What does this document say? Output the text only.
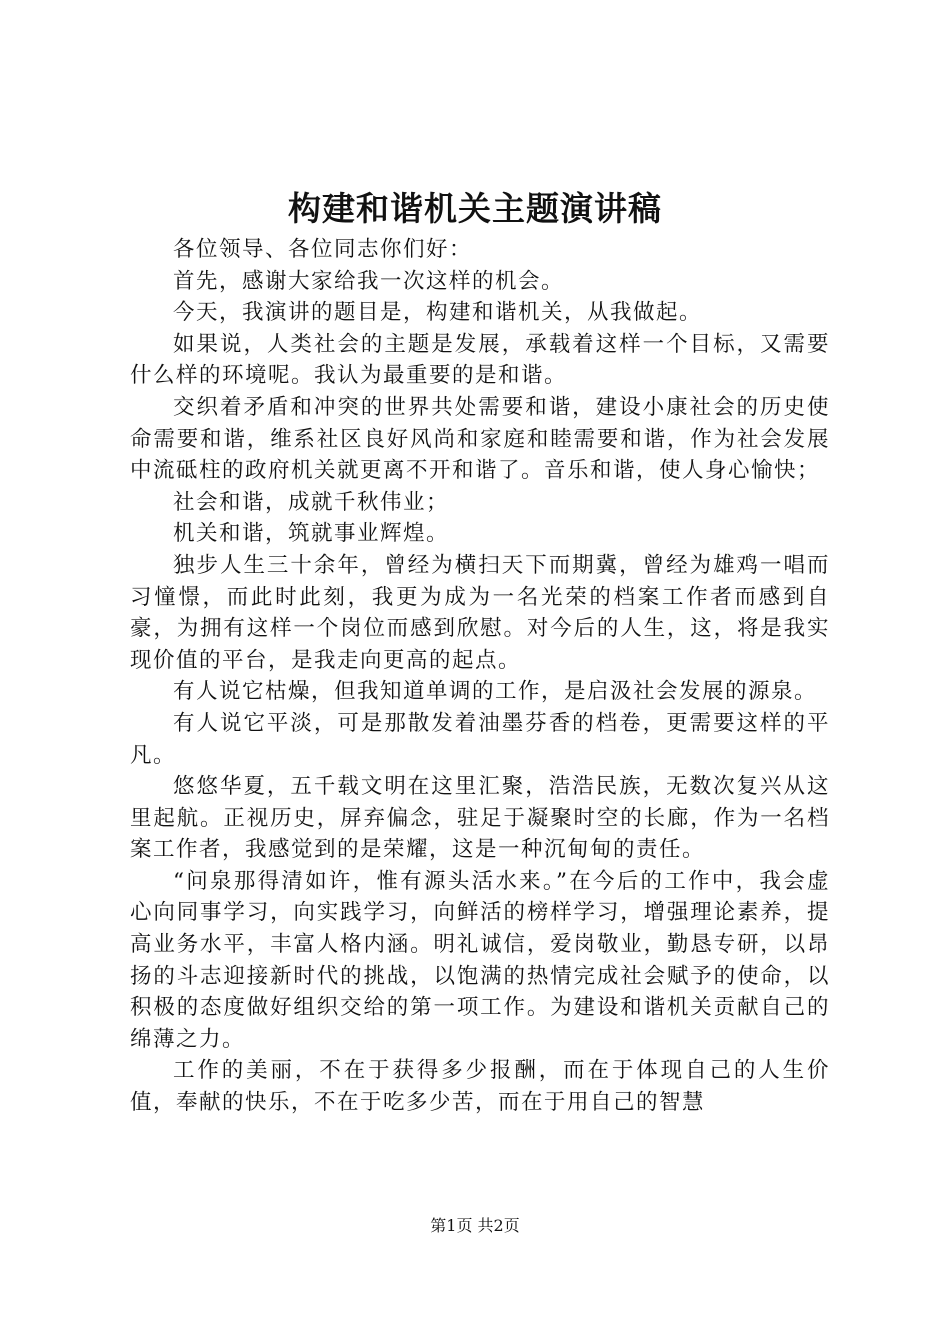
构建和谐机关主题演讲稿

各位领导、各位同志你们好：

首先，感谢大家给我一次这样的机会。

今天，我演讲的题目是，构建和谐机关，从我做起。

如果说，人类社会的主题是发展，承载着这样一个目标，又需要什么样的环境呢。我认为最重要的是和谐。

交织着矛盾和冲突的世界共处需要和谐，建设小康社会的历史使命需要和谐，维系社区良好风尚和家庭和睦需要和谐，作为社会发展中流砥柱的政府机关就更离不开和谐了。音乐和谐，使人身心愉快；

社会和谐，成就千秋伟业；

机关和谐，筑就事业辉煌。

独步人生三十余年，曾经为横扫天下而期冀，曾经为雄鸡一唱而习憧憬，而此时此刻，我更为成为一名光荣的档案工作者而感到自豪，为拥有这样一个岗位而感到欣慰。对今后的人生，这，将是我实现价值的平台，是我走向更高的起点。

有人说它枯燥，但我知道单调的工作，是启汲社会发展的源泉。

有人说它平淡，可是那散发着油墨芬香的档卷，更需要这样的平凡。

悠悠华夏，五千载文明在这里汇聚，浩浩民族，无数次复兴从这里起航。正视历史，屏弃偏念，驻足于凝聚时空的长廊，作为一名档案工作者，我感觉到的是荣耀，这是一种沉甸甸的责任。

“问泉那得清如许，惟有源头活水来。”在今后的工作中，我会虚心向同事学习，向实践学习，向鲜活的榜样学习，增强理论素养，提高业务水平，丰富人格内涵。明礼诚信，爱岗敬业，勤恳专研，以昂扬的斗志迎接新时代的挑战，以饱满的热情完成社会赋予的使命，以积极的态度做好组织交给的第一项工作。为建设和谐机关贡献自己的绵薄之力。

工作的美丽，不在于获得多少报酬，而在于体现自己的人生价值，奉献的快乐，不在于吃多少苦，而在于用自己的智慧

第1页 共2页
